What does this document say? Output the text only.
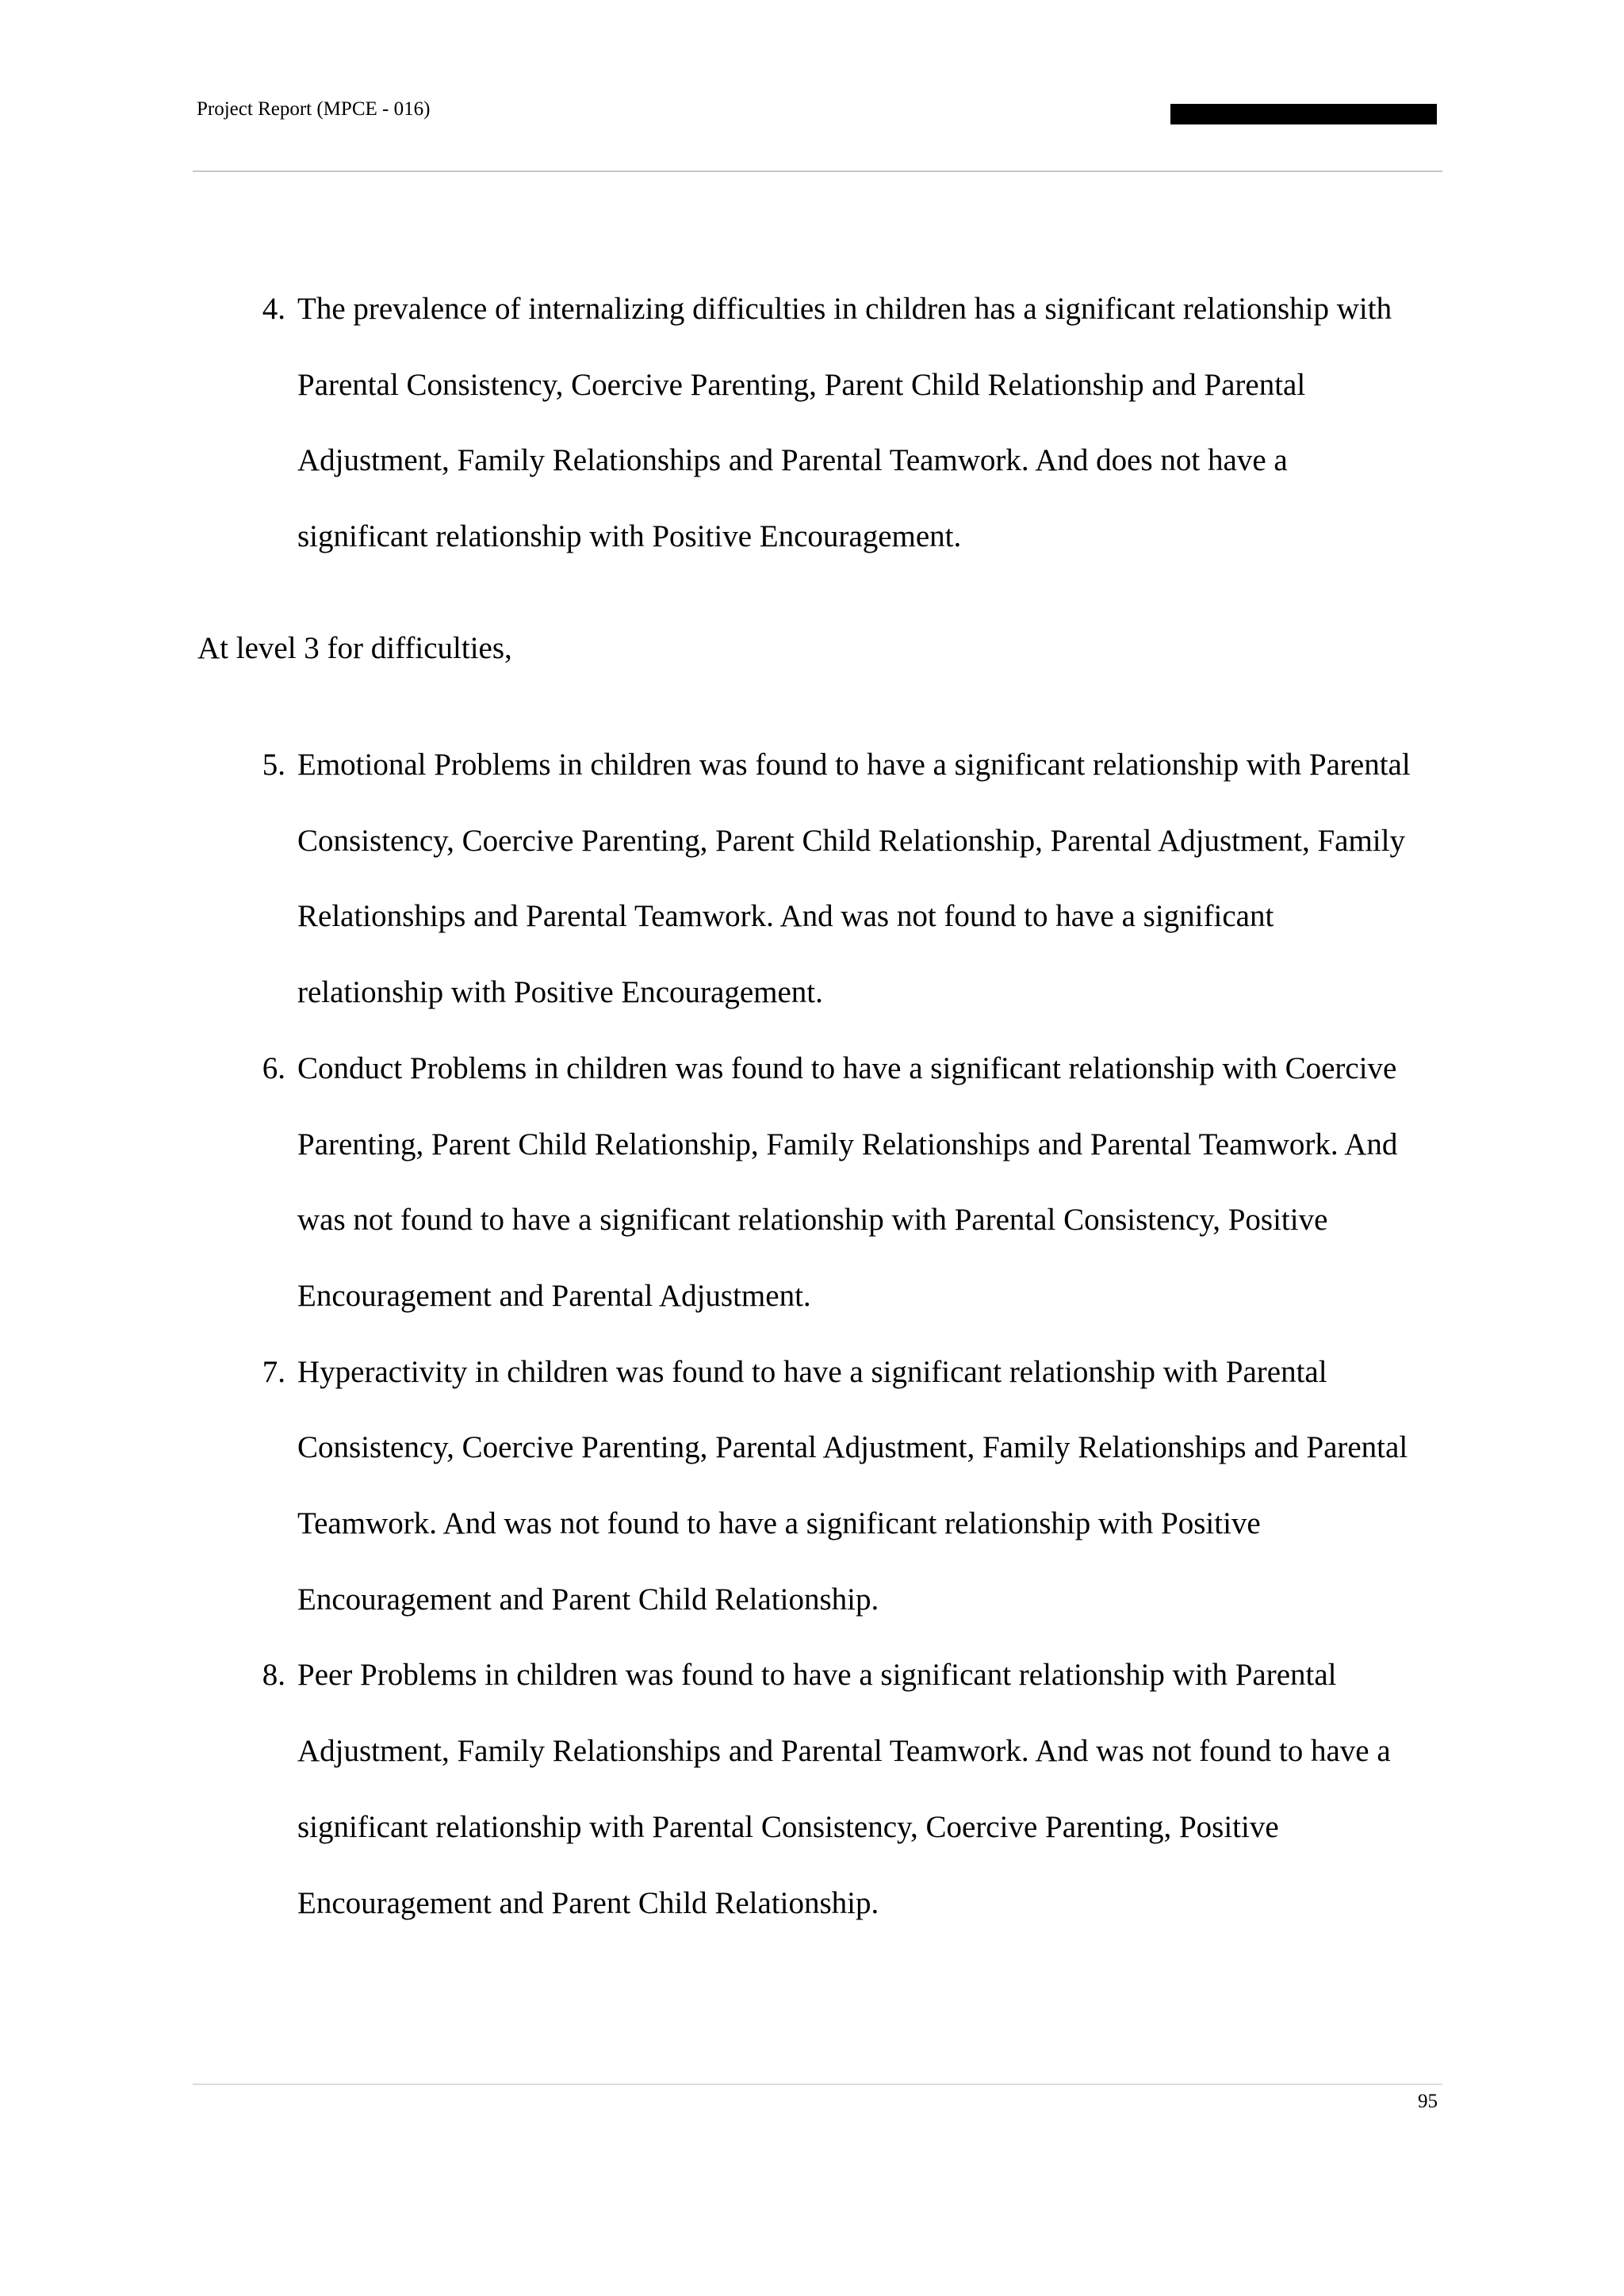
Project Report (MPCE - 016)
4. The prevalence of internalizing difficulties in children has a significant relationship with Parental Consistency, Coercive Parenting, Parent Child Relationship and Parental Adjustment, Family Relationships and Parental Teamwork. And does not have a significant relationship with Positive Encouragement.

At level 3 for difficulties,

5. Emotional Problems in children was found to have a significant relationship with Parental Consistency, Coercive Parenting, Parent Child Relationship, Parental Adjustment, Family Relationships and Parental Teamwork. And was not found to have a significant relationship with Positive Encouragement.
6. Conduct Problems in children was found to have a significant relationship with Coercive Parenting, Parent Child Relationship, Family Relationships and Parental Teamwork. And was not found to have a significant relationship with Parental Consistency, Positive Encouragement and Parental Adjustment.
7. Hyperactivity in children was found to have a significant relationship with Parental Consistency, Coercive Parenting, Parental Adjustment, Family Relationships and Parental Teamwork. And was not found to have a significant relationship with Positive Encouragement and Parent Child Relationship.
8. Peer Problems in children was found to have a significant relationship with Parental Adjustment, Family Relationships and Parental Teamwork. And was not found to have a significant relationship with Parental Consistency, Coercive Parenting, Positive Encouragement and Parent Child Relationship.
95
